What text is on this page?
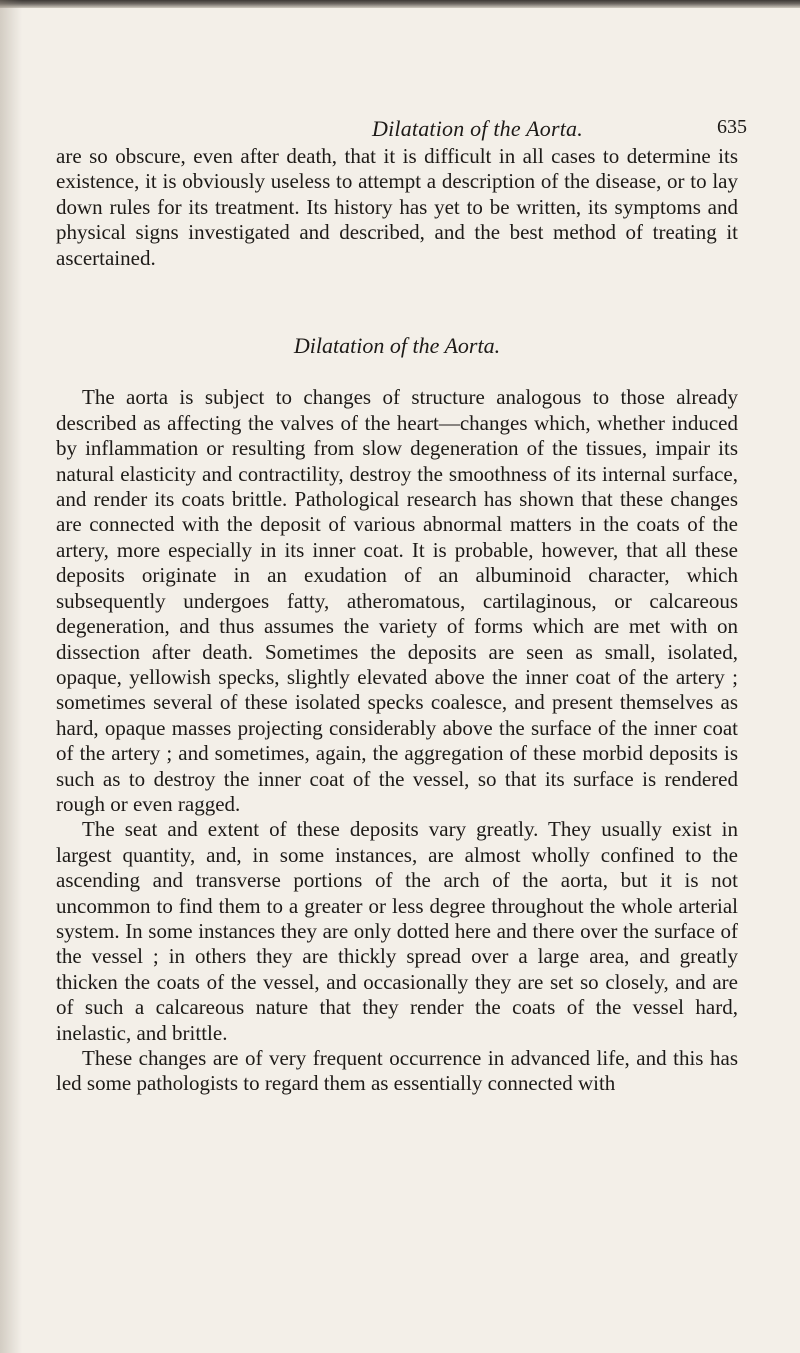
Dilatation of the Aorta.	635

are so obscure, even after death, that it is difficult in all cases to determine its existence, it is obviously useless to attempt a description of the disease, or to lay down rules for its treatment. Its history has yet to be written, its symptoms and physical signs investigated and described, and the best method of treating it ascertained.

Dilatation of the Aorta.

The aorta is subject to changes of structure analogous to those already described as affecting the valves of the heart—changes which, whether induced by inflammation or resulting from slow degeneration of the tissues, impair its natural elasticity and contractility, destroy the smoothness of its internal surface, and render its coats brittle. Pathological research has shown that these changes are connected with the deposit of various abnormal matters in the coats of the artery, more especially in its inner coat. It is probable, however, that all these deposits originate in an exudation of an albuminoid character, which subsequently undergoes fatty, atheromatous, cartilaginous, or calcareous degeneration, and thus assumes the variety of forms which are met with on dissection after death. Sometimes the deposits are seen as small, isolated, opaque, yellowish specks, slightly elevated above the inner coat of the artery ; sometimes several of these isolated specks coalesce, and present themselves as hard, opaque masses projecting considerably above the surface of the inner coat of the artery ; and sometimes, again, the aggregation of these morbid deposits is such as to destroy the inner coat of the vessel, so that its surface is rendered rough or even ragged.

The seat and extent of these deposits vary greatly. They usually exist in largest quantity, and, in some instances, are almost wholly confined to the ascending and transverse portions of the arch of the aorta, but it is not uncommon to find them to a greater or less degree throughout the whole arterial system. In some instances they are only dotted here and there over the surface of the vessel ; in others they are thickly spread over a large area, and greatly thicken the coats of the vessel, and occasionally they are set so closely, and are of such a calcareous nature that they render the coats of the vessel hard, inelastic, and brittle.

These changes are of very frequent occurrence in advanced life, and this has led some pathologists to regard them as essentially connected with
